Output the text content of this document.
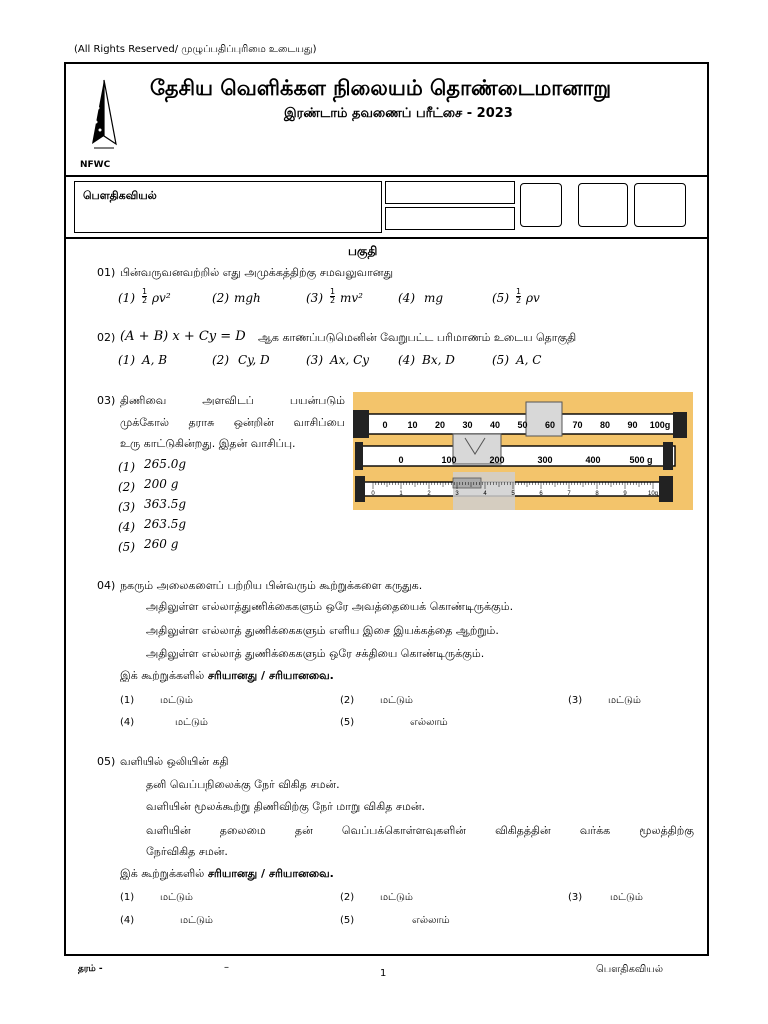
(All Rights Reserved/ முழுப்பதிப்புரிமை உடையது)
NFWC
தேசிய வெளிக்கள நிலையம் தொண்டைமானாறு
இரண்டாம் தவணைப் பரீட்சை - 2023
பௌதிகவியல்
பகுதி
01) பின்வருவனவற்றில் எது அமுக்கத்திற்கு சமவலுவானது
$(1) \frac{1}{2} \rho v^2$	(2) mgh	$(3) \frac{1}{2} mv^2$	(4) mg	$(5) \frac{1}{2}$ ρv
02) (A + B) x + Cy = D ஆக காணப்படுமெனின் வேறுபட்ட பரிமாணம் உடைய தொகுதி
(1) A, B	(2) Cy, D	(3) Ax, Cy (4) Bx, D	(5) A, C
03) திணிவை அளவிடப் பயன்படும்
முக்கோல் தராசு ஒன்றின் வாசிப்பை
உரு காட்டுகின்றது. இதன் வாசிப்பு.
(1) 265.0g
(2) 200 g
(3) 363.5g
(4) 263.5g
(5) 260 g
0 10 20 30 40 50 60 70 80 90 100g
0	100	200	300	400	500 g
0	1	2	3	4	5	6	7	8	9	10g
04) நகரும் அலைகளைப் பற்றிய பின்வரும் கூற்றுக்களை கருதுக.
அதிலுள்ள எல்லாத்துணிக்கைகளும் ஒரே அவத்தையைக் கொண்டிருக்கும்.
அதிலுள்ள எல்லாத் துணிக்கைகளும் எளிய இசை இயக்கத்தை ஆற்றும்.
அதிலுள்ள எல்லாத் துணிக்கைகளும் ஒரே சக்தியை கொண்டிருக்கும்.
இக் கூற்றுக்களில் சரியானது / சரியானவை.
(1)	மட்டும்	(2)	மட்டும்	(3)	மட்டும்
(4)	மட்டும்	(5)	எல்லாம்
05) வளியில் ஒலியின் கதி
தனி வெப்பநிலைக்கு நேர் விகித சமன்.
வளியின் மூலக்கூற்று திணிவிற்கு நேர் மாறு விகித சமன்.
வளியின் தலைமை தன் வெப்பக்கொள்ளவுகளின் விகிதத்தின் வர்க்க மூலத்திற்கு
நேர்விகித சமன்.
இக் கூற்றுக்களில் சரியானது / சரியானவை.
(1)	மட்டும்	(2)	மட்டும்	(3)	மட்டும்
(4)	மட்டும்	(5)	எல்லாம்
தரம் -	–
1	பௌதிகவியல்
